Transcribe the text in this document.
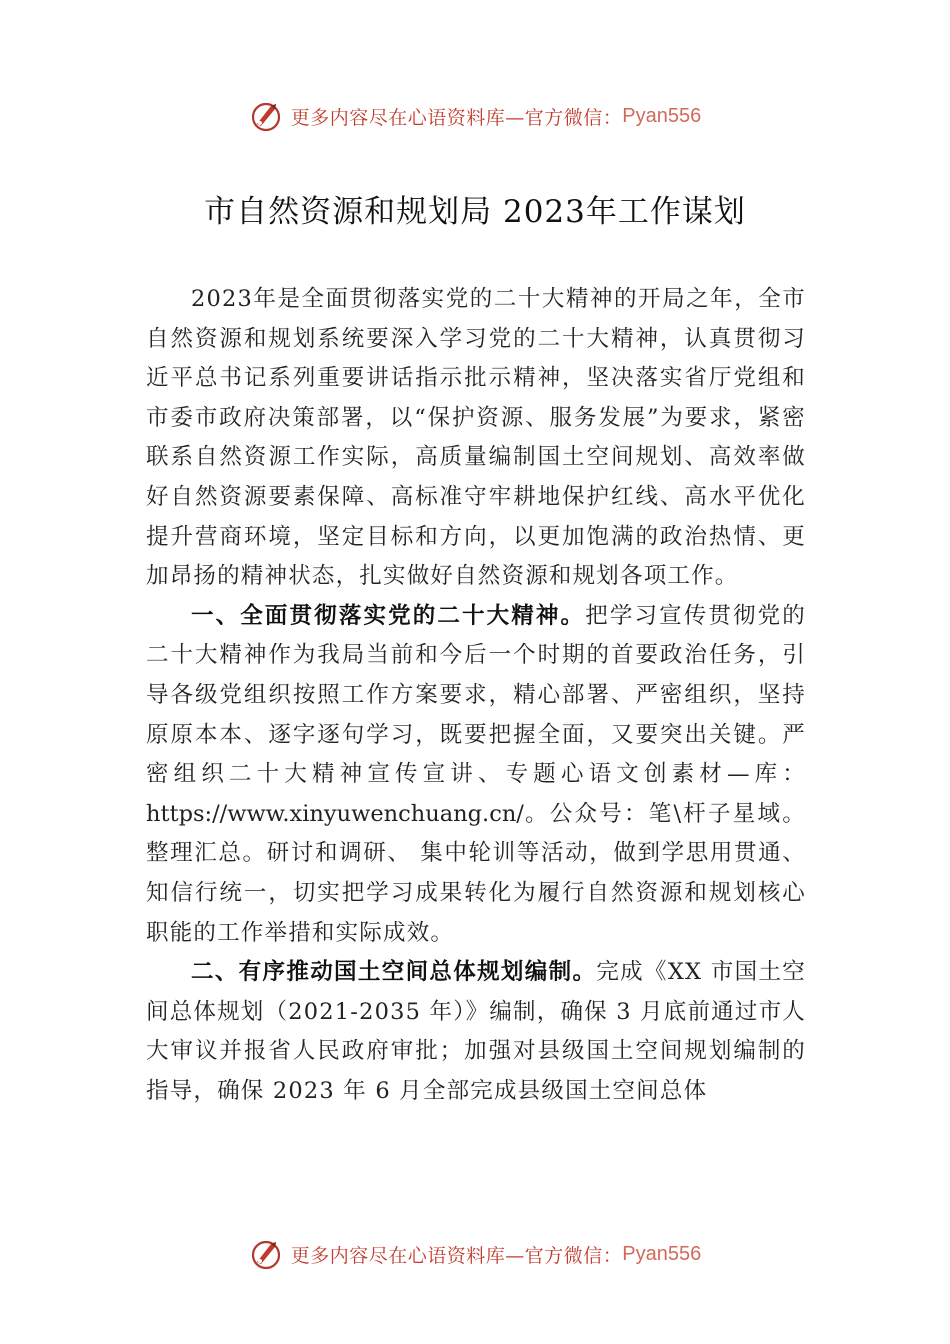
更多内容尽在心语资料库—官方微信： Pyan556
市自然资源和规划局 2023年工作谋划

2023年是全面贯彻落实党的二十大精神的开局之年，全市自然资源和规划系统要深入学习党的二十大精神，认真贯彻习近平总书记系列重要讲话指示批示精神，坚决落实省厅党组和市委市政府决策部署，以“保护资源、服务发展”为要求，紧密联系自然资源工作实际，高质量编制国土空间规划、高效率做好自然资源要素保障、高标准守牢耕地保护红线、高水平优化提升营商环境，坚定目标和方向，以更加饱满的政治热情、更加昂扬的精神状态，扎实做好自然资源和规划各项工作。

一、全面贯彻落实党的二十大精神。把学习宣传贯彻党的二十大精神作为我局当前和今后一个时期的首要政治任务，引导各级党组织按照工作方案要求，精心部署、严密组织，坚持原原本本、逐字逐句学习，既要把握全面，又要突出关键。严密组织二十大精神宣传宣讲、专题心语文创素材—库：https://www.xinyuwenchuang.cn/。公众号：笔\杆子星域。整理汇总。研讨和调研、 集中轮训等活动，做到学思用贯通、知信行统一，切实把学习成果转化为履行自然资源和规划核心职能的工作举措和实际成效。

二、有序推动国土空间总体规划编制。完成《XX 市国土空间总体规划（2021-2035 年）》编制，确保 3 月底前通过市人大审议并报省人民政府审批；加强对县级国土空间规划编制的指导，确保 2023 年 6 月全部完成县级国土空间总体

更多内容尽在心语资料库—官方微信： Pyan556
